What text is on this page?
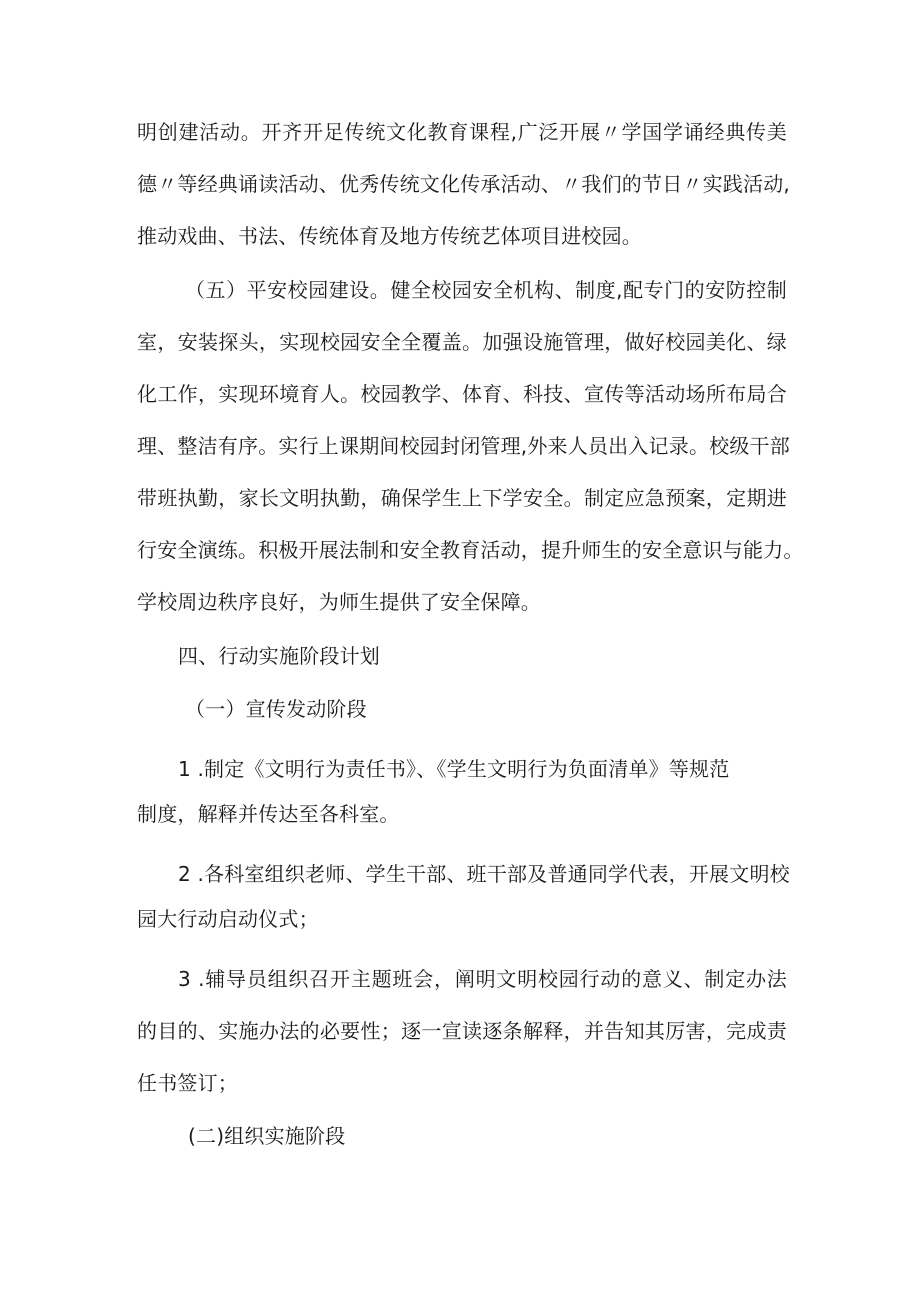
明创建活动。开齐开足传统文化教育课程,广泛开展〃学国学诵经典传美
德〃等经典诵读活动、优秀传统文化传承活动、〃我们的节日〃实践活动,
推动戏曲、书法、传统体育及地方传统艺体项目进校园。
（五）平安校园建设。健全校园安全机构、制度,配专门的安防控制
室，安装探头，实现校园安全全覆盖。加强设施管理，做好校园美化、绿
化工作，实现环境育人。校园教学、体育、科技、宣传等活动场所布局合
理、整洁有序。实行上课期间校园封闭管理,外来人员出入记录。校级干部
带班执勤，家长文明执勤，确保学生上下学安全。制定应急预案，定期进
行安全演练。积极开展法制和安全教育活动，提升师生的安全意识与能力。
学校周边秩序良好，为师生提供了安全保障。
四、行动实施阶段计划
（一）宣传发动阶段
1 .制定《文明行为责任书》、《学生文明行为负面清单》等规范
制度，解释并传达至各科室。
2 .各科室组织老师、学生干部、班干部及普通同学代表，开展文明校
园大行动启动仪式；
3 .辅导员组织召开主题班会，阐明文明校园行动的意义、制定办法
的目的、实施办法的必要性；逐一宣读逐条解释，并告知其厉害，完成责
任书签订；
(二)组织实施阶段
